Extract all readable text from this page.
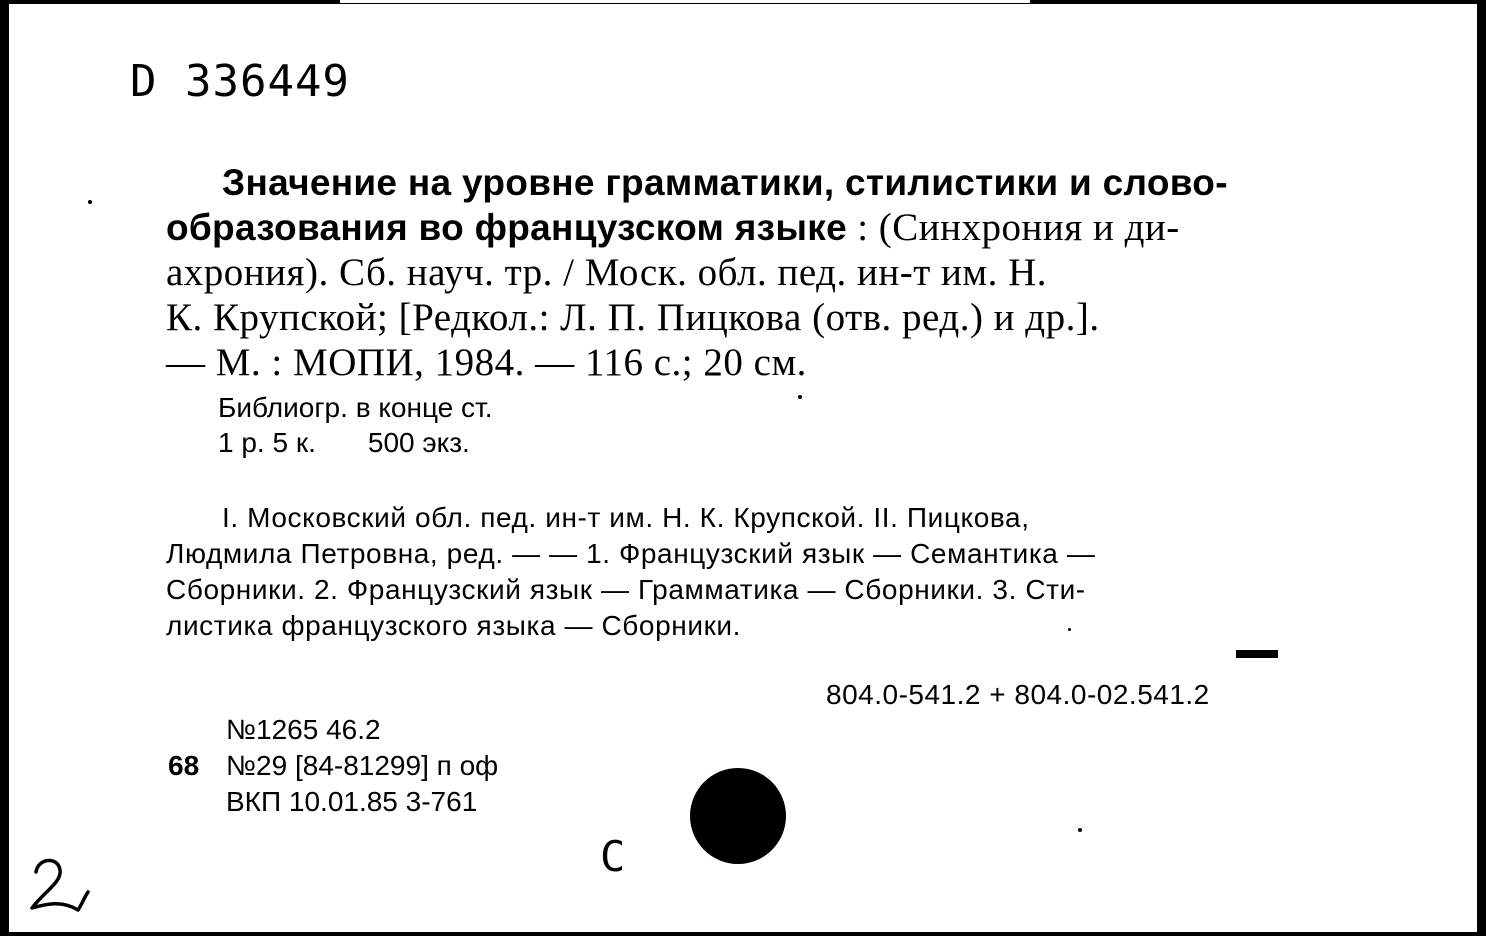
D 336449
Значение на уровне грамматики, стилистики и слово-
образования во французском языке : (Синхрония и ди-
ахрония). Сб. науч. тр. / Моск. обл. пед. ин-т им. Н.
К. Крупской; [Редкол.: Л. П. Пицкова (отв. ред.) и др.].
— М. : МОПИ, 1984. — 116 с.; 20 см.
Библиогр. в конце ст.
1 р. 5 к. 500 экз.
I. Московский обл. пед. ин-т им. Н. К. Крупской. II. Пицкова,
Людмила Петровна, ред. — — 1. Французский язык — Семантика —
Сборники. 2. Французский язык — Грамматика — Сборники. 3. Сти-
листика французского языка — Сборники.
804.0-541.2 + 804.0-02.541.2
№1265 46.2
68 №29 [84-81299] п оф
ВКП 10.01.85 3-761
С
